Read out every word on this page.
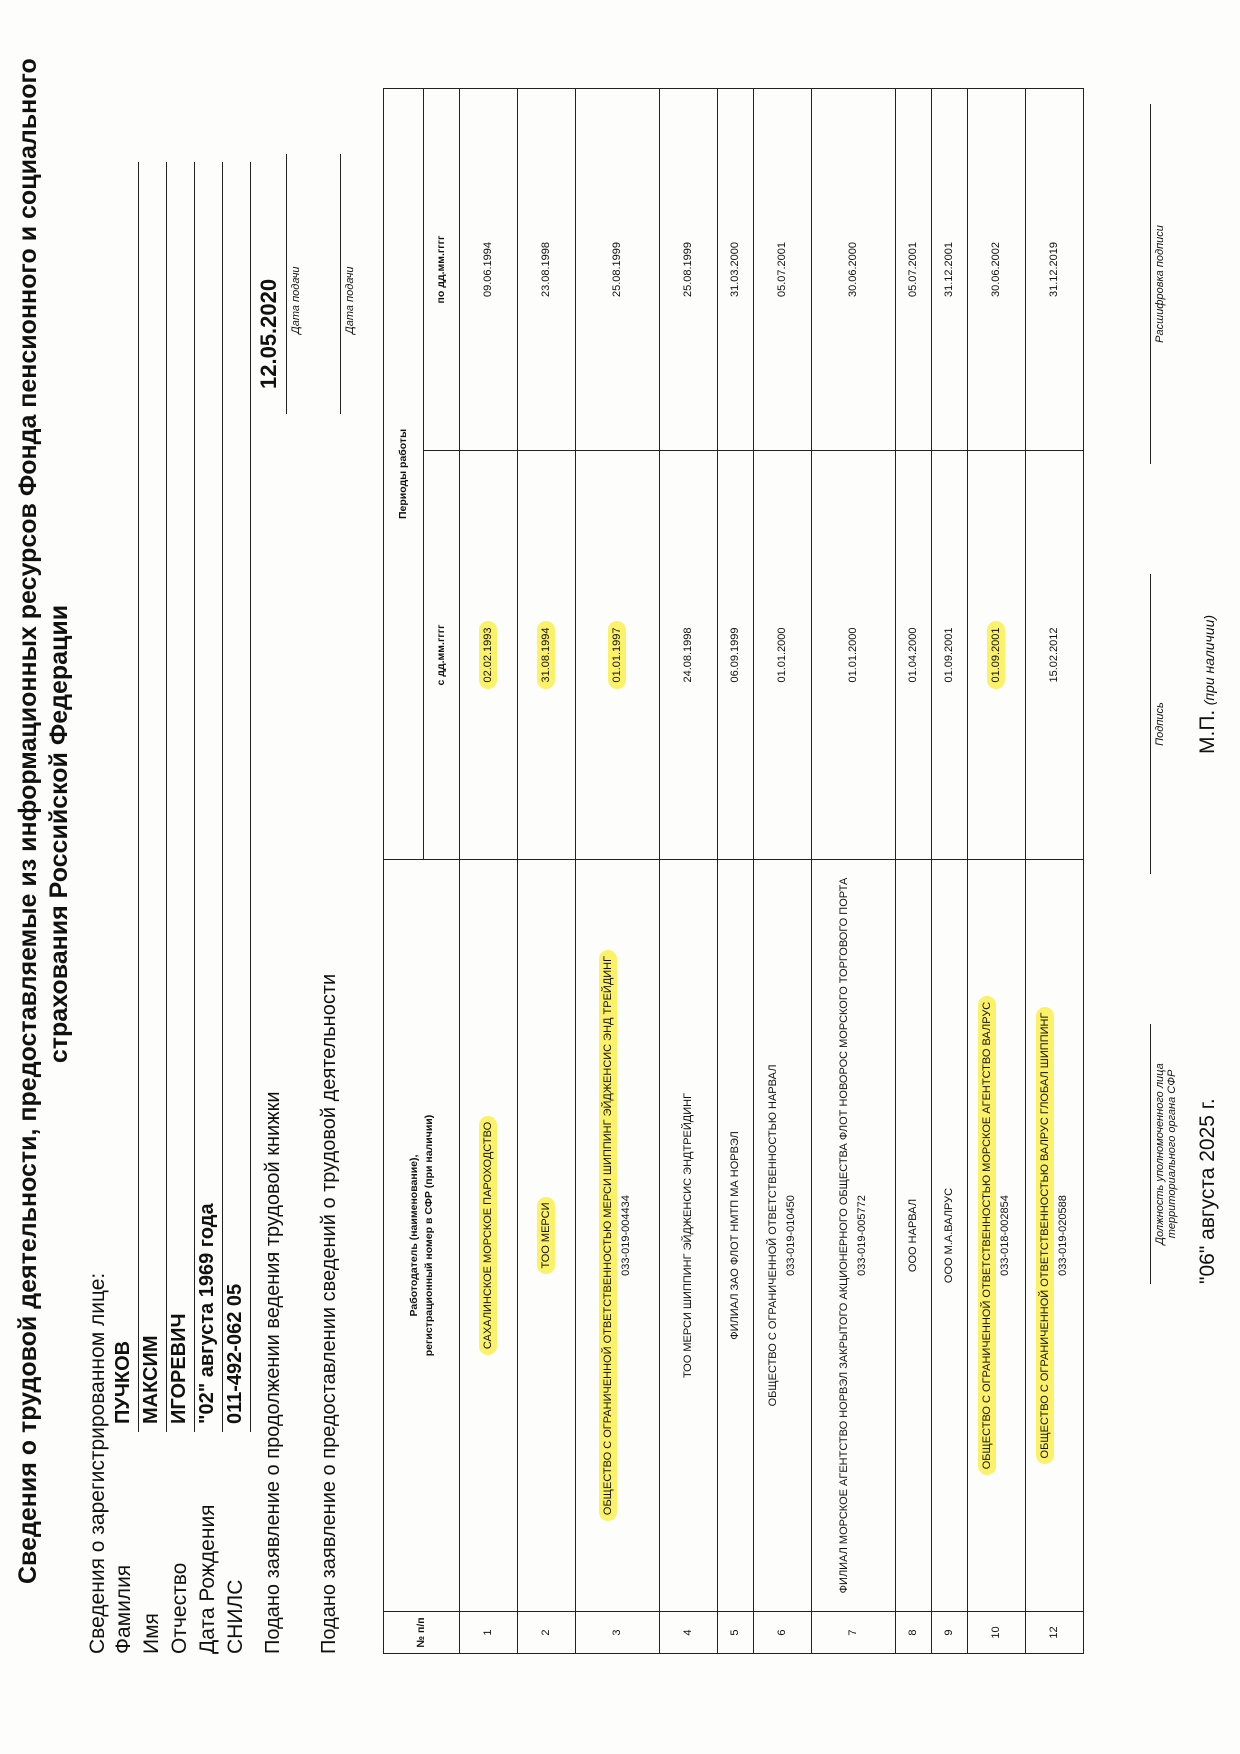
Сведения о трудовой деятельности, предоставляемые из информационных ресурсов Фонда пенсионного и социального страхования Российской Федерации
Сведения о зарегистрированном лице: Фамилия
ПУЧКОВ
Имя
МАКСИМ
Отчество
ИГОРЕВИЧ
Дата Рождения
"02" августа 1969 года
СНИЛС
011-492-062 05 Подано заявление о продолжении ведения трудовой книжки
12.05.2020 Дата подачи
Подано заявление о предоставлении сведений о трудовой деятельности
Дата подачи
№ п/п	Работодатель (наименование), регистрационный номер в СФР (при наличии)	Периоды работы	
		с дд.мм.гггг	по дд.мм.гггг
1	САХАЛИНСКОЕ МОРСКОЕ ПАРОХОДСТВО	02.02.1993	09.06.1994
2	ТОО МЕРСИ	31.08.1994	23.08.1998
3	ОБЩЕСТВО С ОГРАНИЧЕННОЙ ОТВЕТСТВЕННОСТЬЮ МЕРСИ ШИППИНГ ЭЙДЖЕНСИС ЭНД ТРЕЙДИНГ 033-019-004434	01.01.1997	25.08.1999
4	ТОО МЕРСИ ШИППИНГ ЭЙДЖЕНСИС ЭНДТРЕЙДИНГ	24.08.1998	25.08.1999
5	ФИЛИАЛ ЗАО ФЛОТ НМТП МА НОРВЭЛ	06.09.1999	31.03.2000
6	ОБЩЕСТВО С ОГРАНИЧЕННОЙ ОТВЕТСТВЕННОСТЬЮ НАРВАЛ 033-019-010450	01.01.2000	05.07.2001
7	ФИЛИАЛ МОРСКОЕ АГЕНТСТВО НОРВЭЛ ЗАКРЫТОГО АКЦИОНЕРНОГО ОБЩЕСТВА ФЛОТ НОВОРОС МОРСКОГО ТОРГОВОГО ПОРТА 033-019-005772	01.01.2000	30.06.2000
8	ООО НАРВАЛ	01.04.2000	05.07.2001
9	ООО М.А.ВАЛРУС	01.09.2001	31.12.2001
10	ОБЩЕСТВО С ОГРАНИЧЕННОЙ ОТВЕТСТВЕННОСТЬЮ МОРСКОЕ АГЕНТСТВО ВАЛРУС 033-018-002854	01.09.2001	30.06.2002
12	ОБЩЕСТВО С ОГРАНИЧЕННОЙ ОТВЕТСТВЕННОСТЬЮ ВАЛРУС ГЛОБАЛ ШИППИНГ 033-019-020588	15.02.2012	31.12.2019
Должность уполномоченного лица территориального органа СФР
Подпись
Расшифровка подписи
"06" августа 2025 г.
М.П. (при наличии)
